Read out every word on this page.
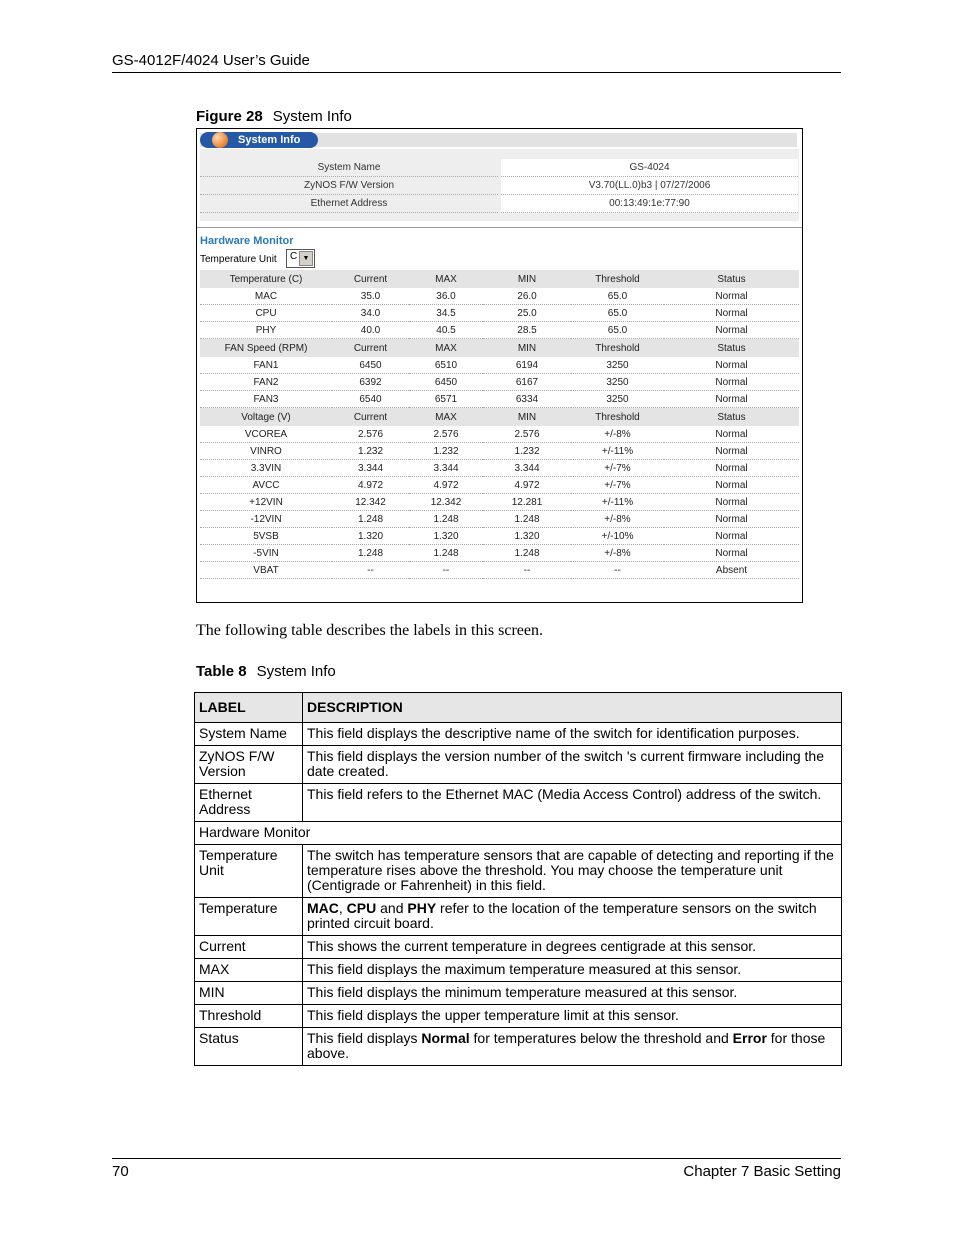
GS-4012F/4024 User’s Guide
Figure 28 System Info
System Info
System Name	GS-4024
ZyNOS F/W Version	V3.70(LL.0)b3 | 07/27/2006
Ethernet Address	00:13:49:1e:77:90
Hardware Monitor
Temperature Unit C ▼
Temperature (C)	Current	MAX	MIN	Threshold	Status
MAC	35.0	36.0	26.0	65.0	Normal
CPU	34.0	34.5	25.0	65.0	Normal
PHY	40.0	40.5	28.5	65.0	Normal
FAN Speed (RPM)	Current	MAX	MIN	Threshold	Status
FAN1	6450	6510	6194	3250	Normal
FAN2	6392	6450	6167	3250	Normal
FAN3	6540	6571	6334	3250	Normal
Voltage (V)	Current	MAX	MIN	Threshold	Status
VCOREA	2.576	2.576	2.576	+/-8%	Normal
VINRO	1.232	1.232	1.232	+/-11%	Normal
3.3VIN	3.344	3.344	3.344	+/-7%	Normal
AVCC	4.972	4.972	4.972	+/-7%	Normal
+12VIN	12.342	12.342	12.281	+/-11%	Normal
-12VIN	1.248	1.248	1.248	+/-8%	Normal
5VSB	1.320	1.320	1.320	+/-10%	Normal
-5VIN	1.248	1.248	1.248	+/-8%	Normal
VBAT	--	--	--	--	Absent
The following table describes the labels in this screen.
Table 8 System Info
LABEL	DESCRIPTION
System Name	This field displays the descriptive name of the switch for identification purposes.
ZyNOS F/W Version	This field displays the version number of the switch 's current firmware including the date created.
Ethernet Address	This field refers to the Ethernet MAC (Media Access Control) address of the switch.
Hardware Monitor	
Temperature Unit	The switch has temperature sensors that are capable of detecting and reporting if the temperature rises above the threshold. You may choose the temperature unit (Centigrade or Fahrenheit) in this field.
Temperature	MAC, CPU and PHY refer to the location of the temperature sensors on the switch printed circuit board.
Current	This shows the current temperature in degrees centigrade at this sensor.
MAX	This field displays the maximum temperature measured at this sensor.
MIN	This field displays the minimum temperature measured at this sensor.
Threshold	This field displays the upper temperature limit at this sensor.
Status	This field displays Normal for temperatures below the threshold and Error for those above.
70	Chapter 7 Basic Setting
